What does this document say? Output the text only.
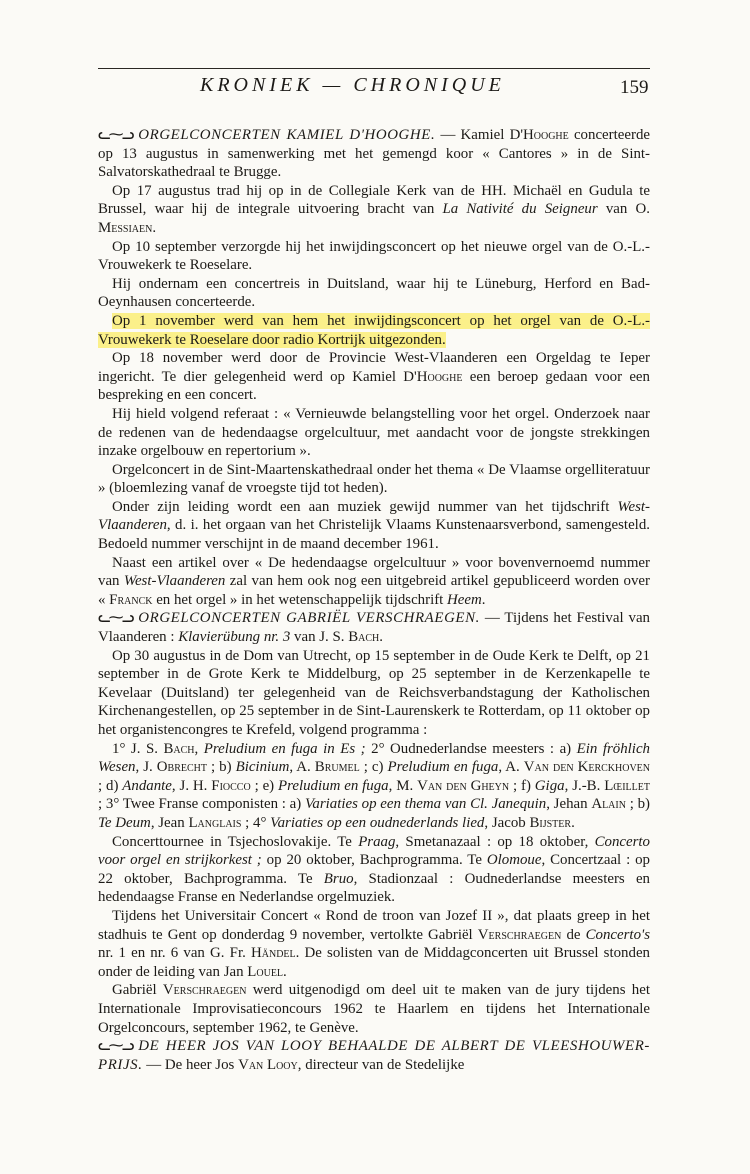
KRONIEK — CHRONIQUE	159

ᓚ⁓ᓗ ORGELCONCERTEN KAMIEL D'HOOGHE. — Kamiel D'Hooghe concerteerde op 13 augustus in samenwerking met het gemengd koor « Cantores » in de Sint-Salvatorskathedraal te Brugge.

Op 17 augustus trad hij op in de Collegiale Kerk van de HH. Michaël en Gudula te Brussel, waar hij de integrale uitvoering bracht van La Nativité du Seigneur van O. Messiaen.

Op 10 september verzorgde hij het inwijdingsconcert op het nieuwe orgel van de O.-L.-Vrouwekerk te Roeselare.

Hij ondernam een concertreis in Duitsland, waar hij te Lüneburg, Herford en Bad-Oeynhausen concerteerde.

Op 1 november werd van hem het inwijdingsconcert op het orgel van de O.-L.-Vrouwekerk te Roeselare door radio Kortrijk uitgezonden.

Op 18 november werd door de Provincie West-Vlaanderen een Orgeldag te Ieper ingericht. Te dier gelegenheid werd op Kamiel D'Hooghe een beroep gedaan voor een bespreking en een concert.

Hij hield volgend referaat : « Vernieuwde belangstelling voor het orgel. Onderzoek naar de redenen van de hedendaagse orgelcultuur, met aandacht voor de jongste strekkingen inzake orgelbouw en repertorium ».

Orgelconcert in de Sint-Maartenskathedraal onder het thema « De Vlaamse orgelliteratuur » (bloemlezing vanaf de vroegste tijd tot heden).

Onder zijn leiding wordt een aan muziek gewijd nummer van het tijdschrift West-Vlaanderen, d. i. het orgaan van het Christelijk Vlaams Kunstenaarsverbond, samengesteld. Bedoeld nummer verschijnt in de maand december 1961.

Naast een artikel over « De hedendaagse orgelcultuur » voor bovenvernoemd nummer van West-Vlaanderen zal van hem ook nog een uitgebreid artikel gepubliceerd worden over « Franck en het orgel » in het wetenschappelijk tijdschrift Heem.

ᓚ⁓ᓗ ORGELCONCERTEN GABRIËL VERSCHRAEGEN. — Tijdens het Festival van Vlaanderen : Klavierübung nr. 3 van J. S. Bach.

Op 30 augustus in de Dom van Utrecht, op 15 september in de Oude Kerk te Delft, op 21 september in de Grote Kerk te Middelburg, op 25 september in de Kerzenkapelle te Kevelaar (Duitsland) ter gelegenheid van de Reichsverbandstagung der Katholischen Kirchenangestellen, op 25 september in de Sint-Laurenskerk te Rotterdam, op 11 oktober op het organistencongres te Krefeld, volgend programma :

1° J. S. Bach, Preludium en fuga in Es ; 2° Oudnederlandse meesters : a) Ein fröhlich Wesen, J. Obrecht ; b) Bicinium, A. Brumel ; c) Preludium en fuga, A. Van den Kerckhoven ; d) Andante, J. H. Fiocco ; e) Preludium en fuga, M. Van den Gheyn ; f) Giga, J.-B. Lœillet ; 3° Twee Franse componisten : a) Variaties op een thema van Cl. Janequin, Jehan Alain ; b) Te Deum, Jean Langlais ; 4° Variaties op een oudnederlands lied, Jacob Bijster.

Concerttournee in Tsjechoslovakije. Te Praag, Smetanazaal : op 18 oktober, Concerto voor orgel en strijkorkest ; op 20 oktober, Bachprogramma. Te Olomoue, Concertzaal : op 22 oktober, Bachprogramma. Te Bruo, Stadionzaal : Oudnederlandse meesters en hedendaagse Franse en Nederlandse orgelmuziek.

Tijdens het Universitair Concert « Rond de troon van Jozef II », dat plaats greep in het stadhuis te Gent op donderdag 9 november, vertolkte Gabriël Verschraegen de Concerto's nr. 1 en nr. 6 van G. Fr. Händel. De solisten van de Middagconcerten uit Brussel stonden onder de leiding van Jan Louel.

Gabriël Verschraegen werd uitgenodigd om deel uit te maken van de jury tijdens het Internationale Improvisatieconcours 1962 te Haarlem en tijdens het Internationale Orgelconcours, september 1962, te Genève.

ᓚ⁓ᓗ DE HEER JOS VAN LOOY BEHAALDE DE ALBERT DE VLEESHOUWER-PRIJS. — De heer Jos Van Looy, directeur van de Stedelijke
